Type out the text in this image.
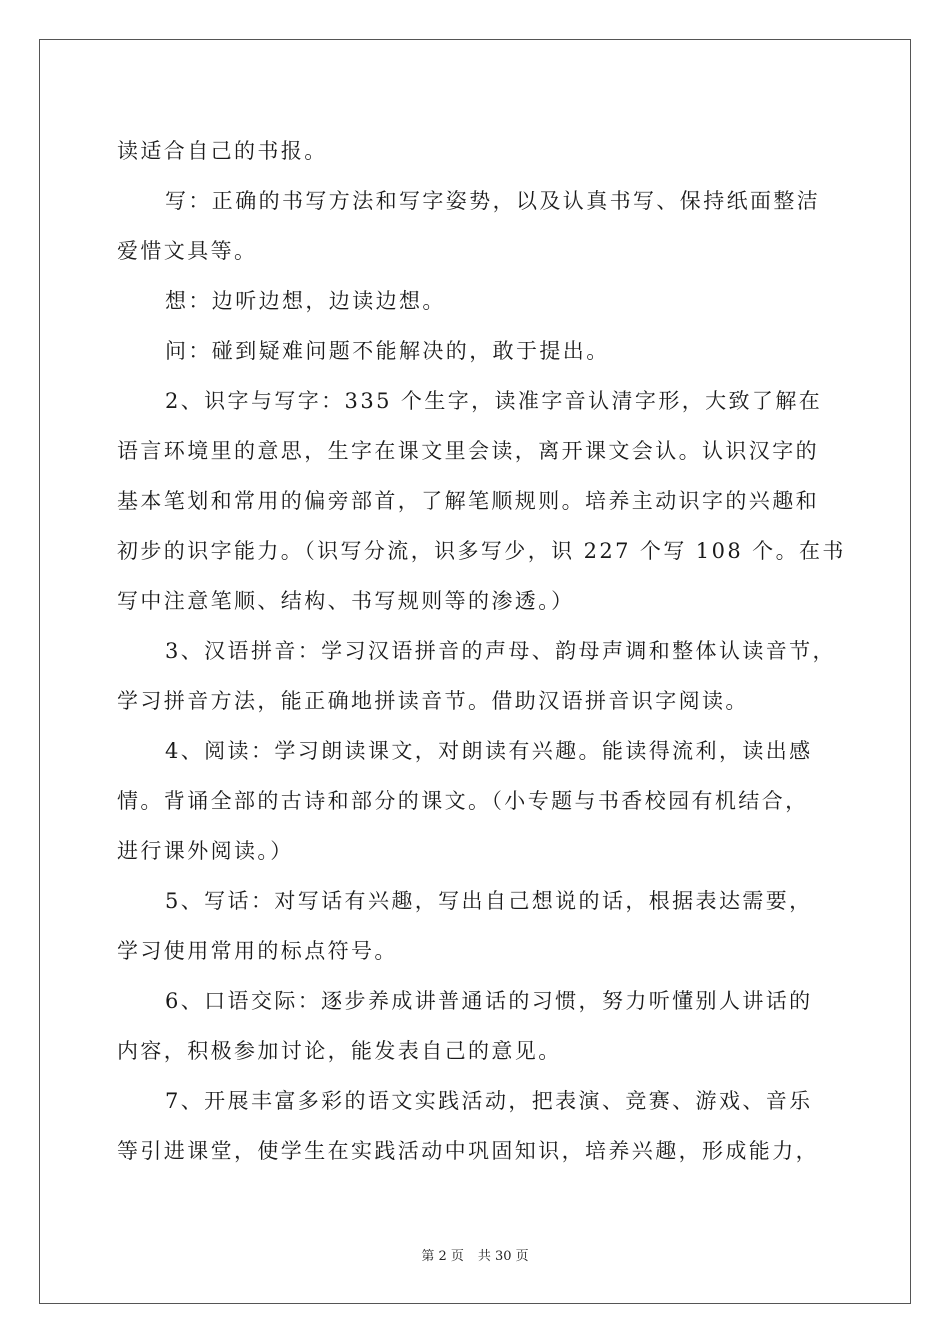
读适合自己的书报。
写：正确的书写方法和写字姿势，以及认真书写、保持纸面整洁
爱惜文具等。
想：边听边想，边读边想。
问：碰到疑难问题不能解决的，敢于提出。
2、识字与写字：335 个生字，读准字音认清字形，大致了解在
语言环境里的意思，生字在课文里会读，离开课文会认。认识汉字的
基本笔划和常用的偏旁部首，了解笔顺规则。培养主动识字的兴趣和
初步的识字能力。（识写分流，识多写少，识 227 个写 108 个。在书
写中注意笔顺、结构、书写规则等的渗透。）
3、汉语拼音：学习汉语拼音的声母、韵母声调和整体认读音节，
学习拼音方法，能正确地拼读音节。借助汉语拼音识字阅读。
4、阅读：学习朗读课文，对朗读有兴趣。能读得流利，读出感
情。背诵全部的古诗和部分的课文。（小专题与书香校园有机结合，
进行课外阅读。）
5、写话：对写话有兴趣，写出自己想说的话，根据表达需要，
学习使用常用的标点符号。
6、口语交际：逐步养成讲普通话的习惯，努力听懂别人讲话的
内容，积极参加讨论，能发表自己的意见。
7、开展丰富多彩的语文实践活动，把表演、竞赛、游戏、音乐
等引进课堂，使学生在实践活动中巩固知识，培养兴趣，形成能力，
第 2 页 共 30 页
